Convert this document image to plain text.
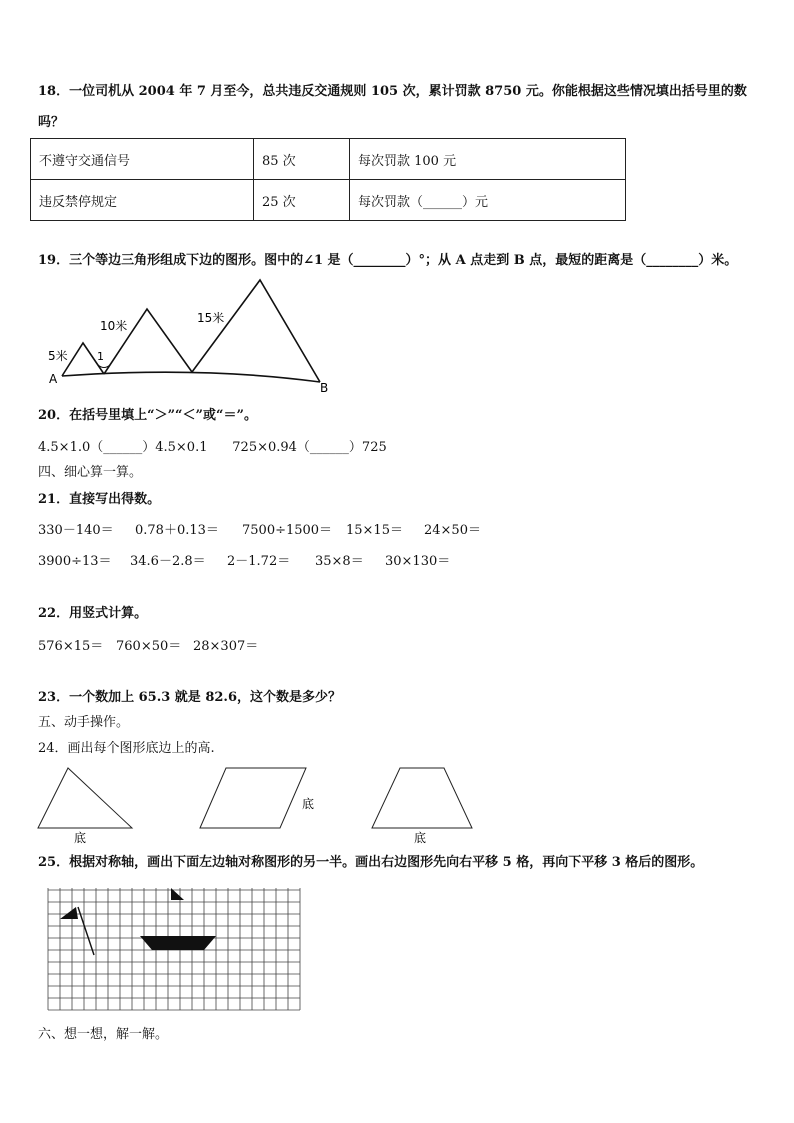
18．一位司机从 2004 年 7 月至今，总共违反交通规则 105 次，累计罚款 8750 元。你能根据这些情况填出括号里的数
吗？
不遵守交通信号	85 次	每次罚款 100 元
违反禁停规定	25 次	每次罚款（______）元
19．三个等边三角形组成下边的图形。图中的∠1 是（________）°；从 A 点走到 B 点，最短的距离是（________）米。
A
B
5米
10米
15米
1
20．在括号里填上“＞”“＜”或“＝”。
4.5×1.0（______）4.5×0.1      725×0.94（______）725
四、细心算一算。
21．直接写出得数。
330－140＝ 0.78＋0.13＝ 7500÷1500＝ 15×15＝ 24×50＝
3900÷13＝ 34.6－2.8＝ 2－1.72＝ 35×8＝ 30×130＝
22．用竖式计算。
576×15＝ 760×50＝ 28×307＝
23．一个数加上 65.3 就是 82.6，这个数是多少？
五、动手操作。
24．画出每个图形底边上的高.
底
底
底
25．根据对称轴，画出下面左边轴对称图形的另一半。画出右边图形先向右平移 5 格，再向下平移 3 格后的图形。
六、想一想，解一解。
